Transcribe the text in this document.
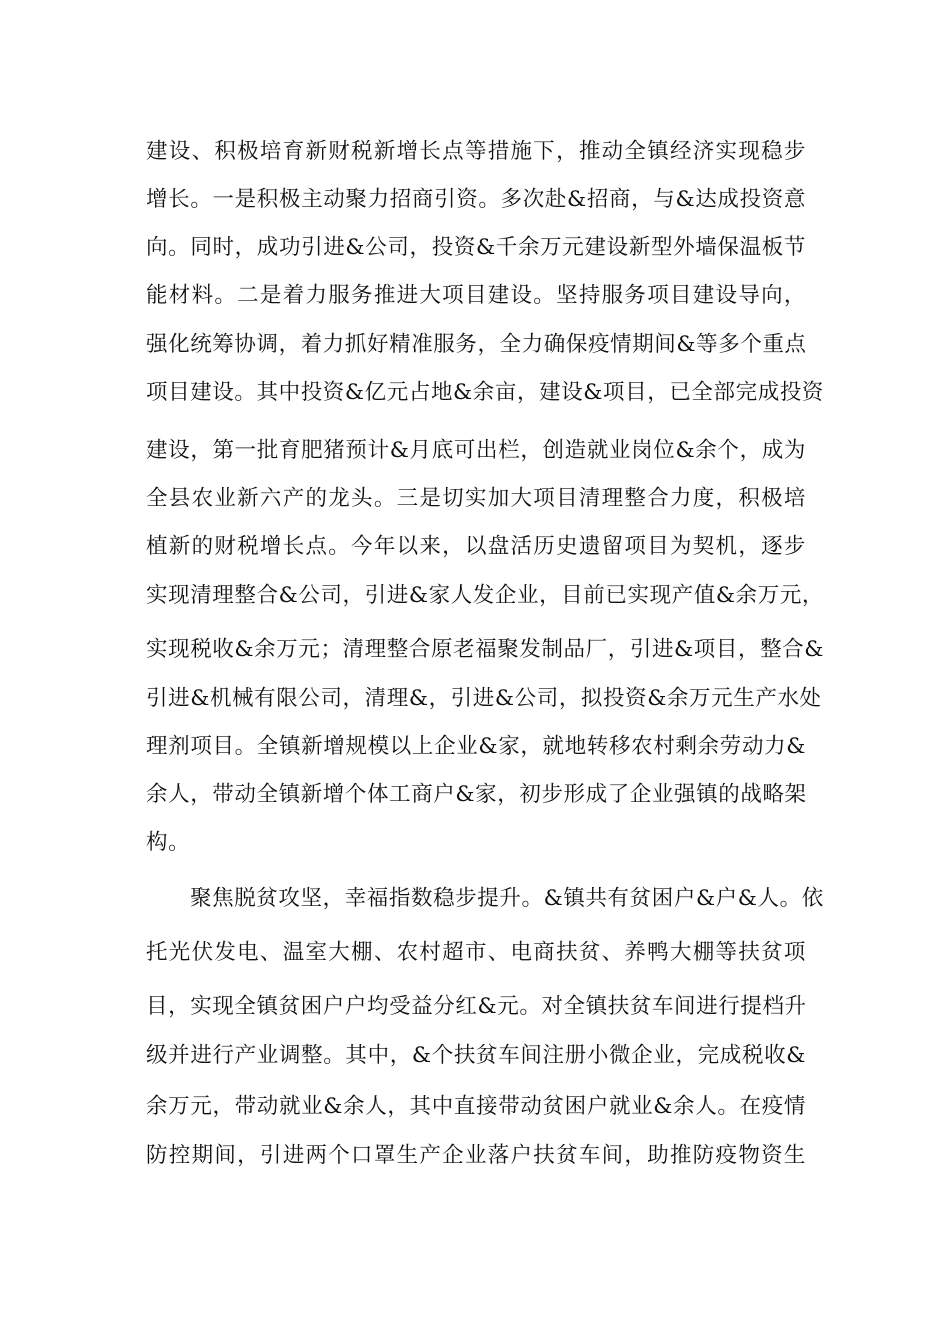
建设、积极培育新财税新增长点等措施下，推动全镇经济实现稳步
增长。一是积极主动聚力招商引资。多次赴&招商，与&达成投资意
向。同时，成功引进&公司，投资&千余万元建设新型外墙保温板节
能材料。二是着力服务推进大项目建设。坚持服务项目建设导向，
强化统筹协调，着力抓好精准服务，全力确保疫情期间&等多个重点
项目建设。其中投资&亿元占地&余亩，建设&项目，已全部完成投资
建设，第一批育肥猪预计&月底可出栏，创造就业岗位&余个，成为
全县农业新六产的龙头。三是切实加大项目清理整合力度，积极培
植新的财税增长点。今年以来，以盘活历史遗留项目为契机，逐步
实现清理整合&公司，引进&家人发企业，目前已实现产值&余万元，
实现税收&余万元；清理整合原老福聚发制品厂，引进&项目，整合&
引进&机械有限公司，清理&，引进&公司，拟投资&余万元生产水处
理剂项目。全镇新增规模以上企业&家，就地转移农村剩余劳动力&
余人，带动全镇新增个体工商户&家，初步形成了企业强镇的战略架
构。
聚焦脱贫攻坚，幸福指数稳步提升。&镇共有贫困户&户&人。依
托光伏发电、温室大棚、农村超市、电商扶贫、养鸭大棚等扶贫项
目，实现全镇贫困户户均受益分红&元。对全镇扶贫车间进行提档升
级并进行产业调整。其中，&个扶贫车间注册小微企业，完成税收&
余万元，带动就业&余人，其中直接带动贫困户就业&余人。在疫情
防控期间，引进两个口罩生产企业落户扶贫车间，助推防疫物资生
